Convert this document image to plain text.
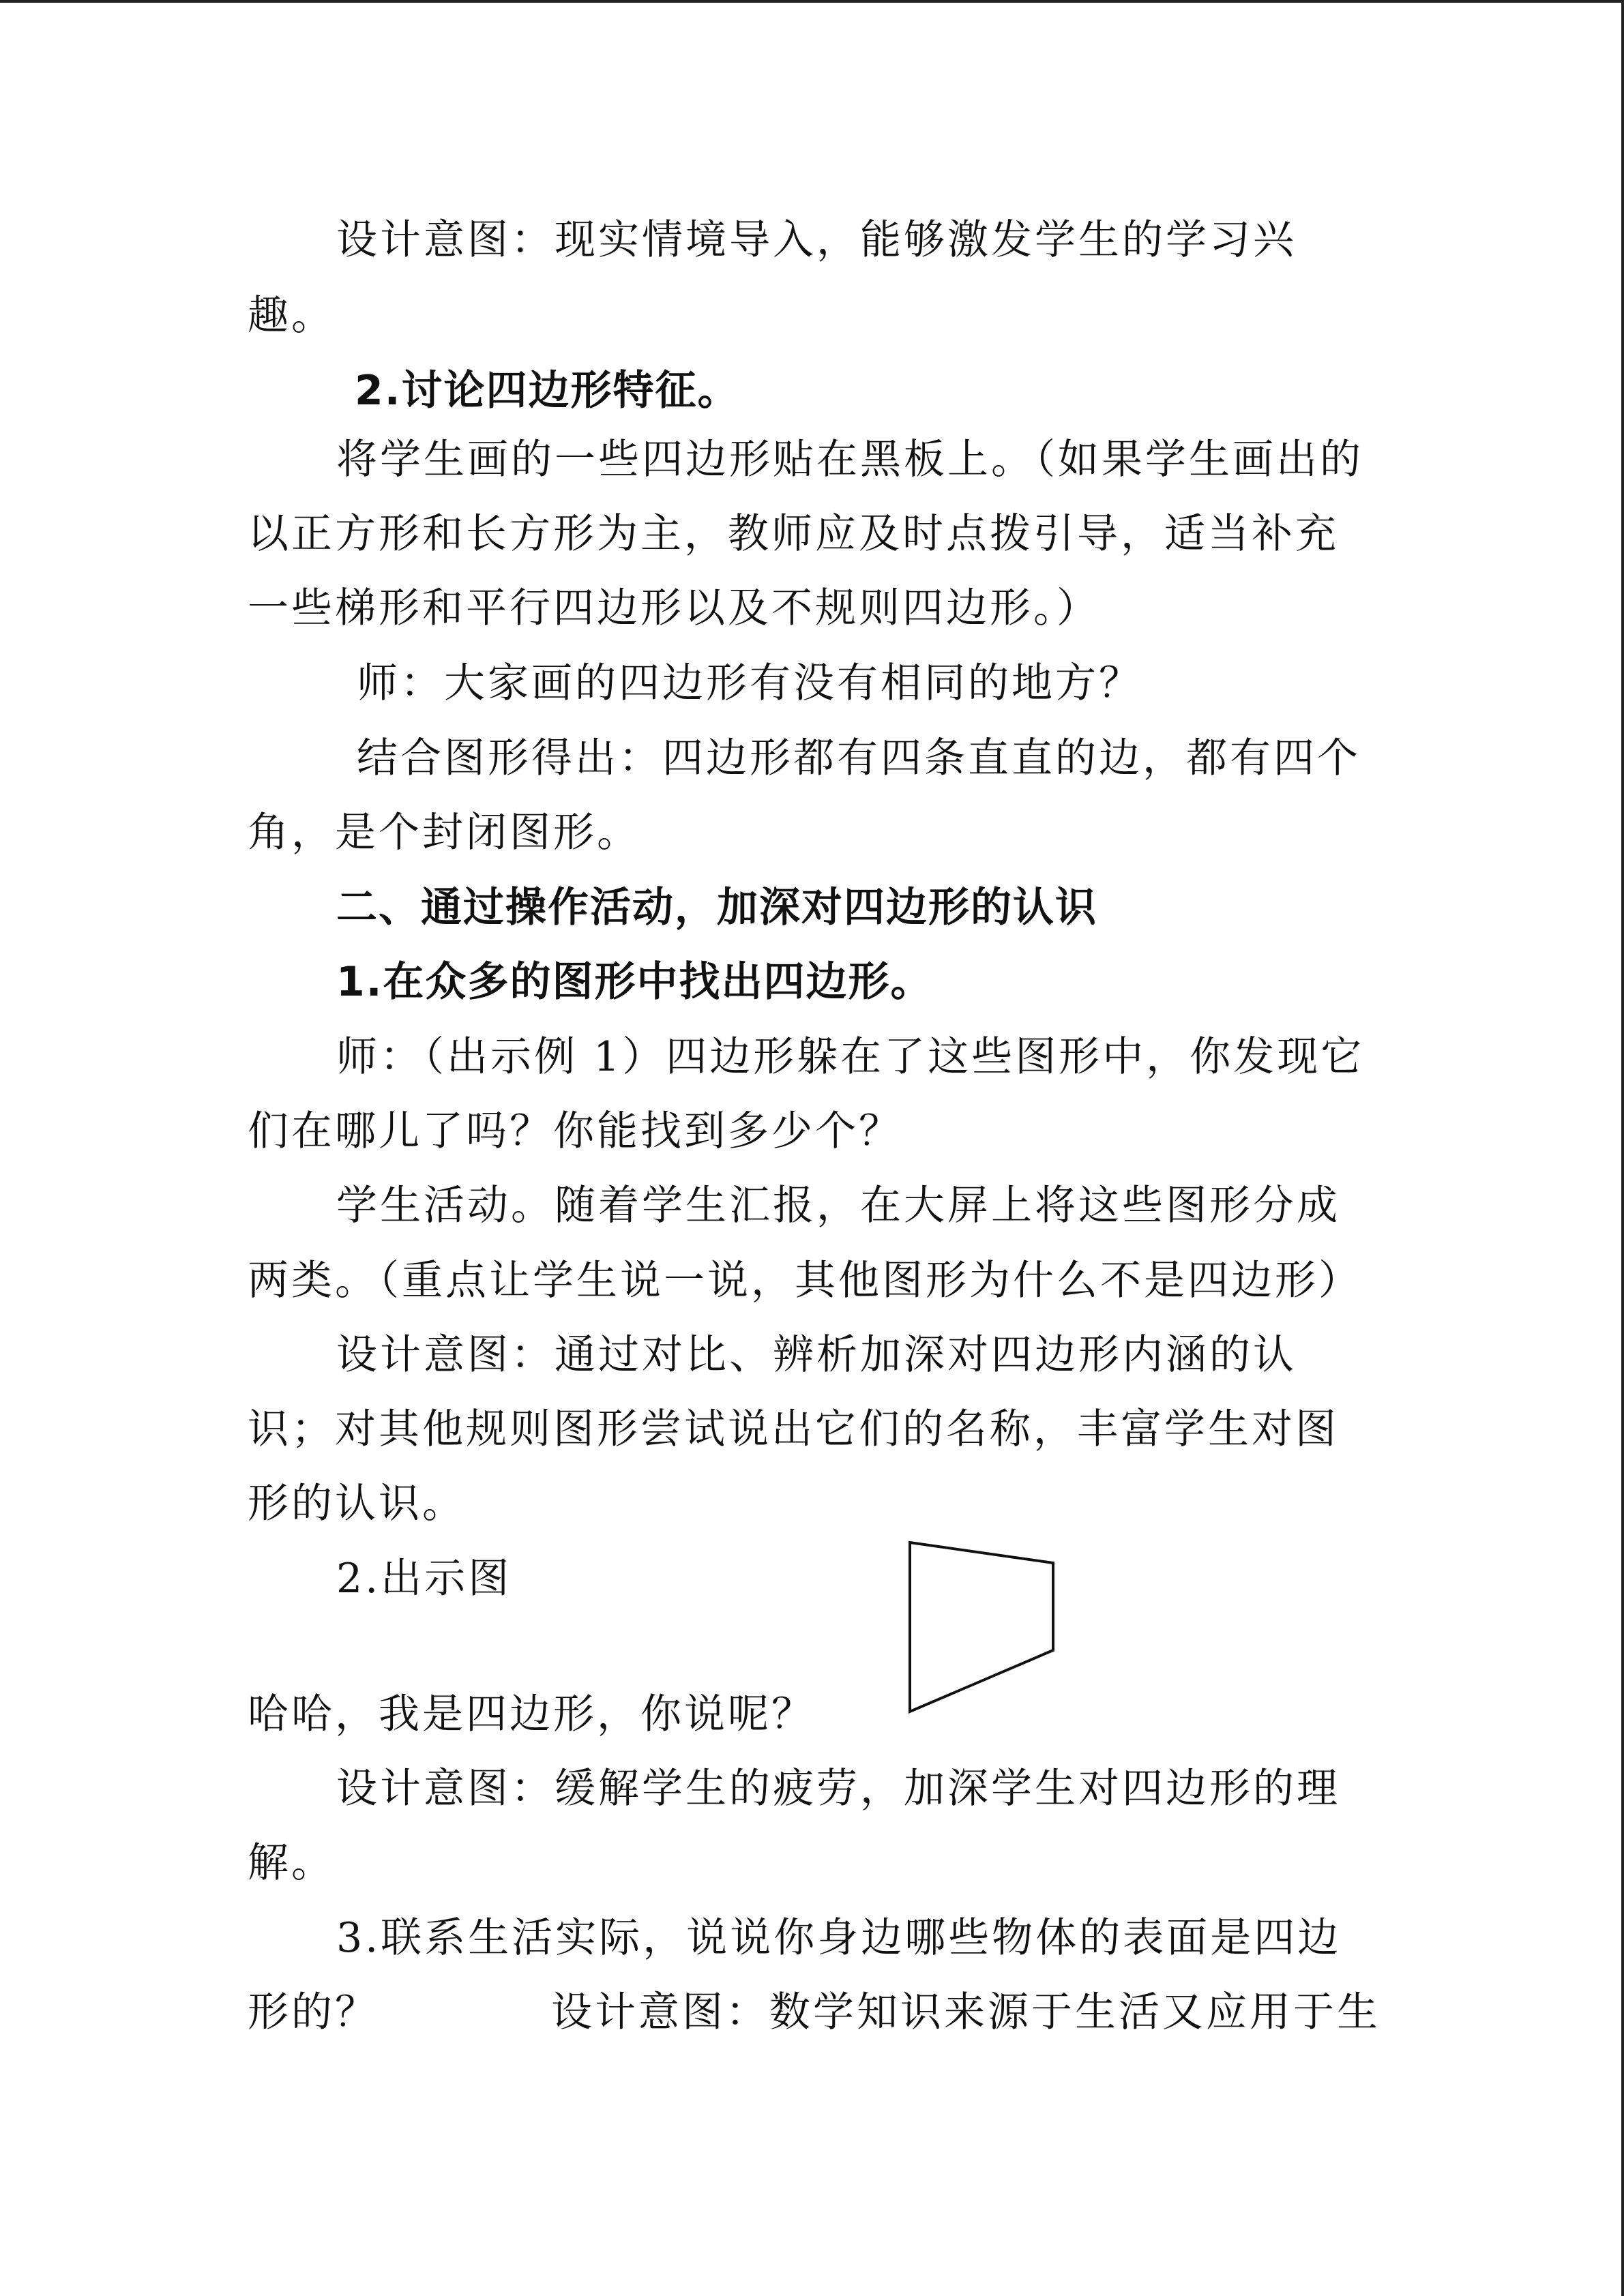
设计意图：现实情境导入，能够激发学生的学习兴
趣。
2.讨论四边形特征。
将学生画的一些四边形贴在黑板上。（如果学生画出的
以正方形和长方形为主，教师应及时点拨引导，适当补充
一些梯形和平行四边形以及不规则四边形。）
师：大家画的四边形有没有相同的地方？
结合图形得出：四边形都有四条直直的边，都有四个
角，是个封闭图形。
二、通过操作活动，加深对四边形的认识
1.在众多的图形中找出四边形。
师：（出示例 1）四边形躲在了这些图形中，你发现它
们在哪儿了吗？你能找到多少个？
学生活动。随着学生汇报，在大屏上将这些图形分成
两类。（重点让学生说一说，其他图形为什么不是四边形）
设计意图：通过对比、辨析加深对四边形内涵的认
识；对其他规则图形尝试说出它们的名称，丰富学生对图
形的认识。
2.出示图
哈哈，我是四边形，你说呢？
设计意图：缓解学生的疲劳，加深学生对四边形的理
解。
3.联系生活实际，说说你身边哪些物体的表面是四边
形的？	设计意图：数学知识来源于生活又应用于生
